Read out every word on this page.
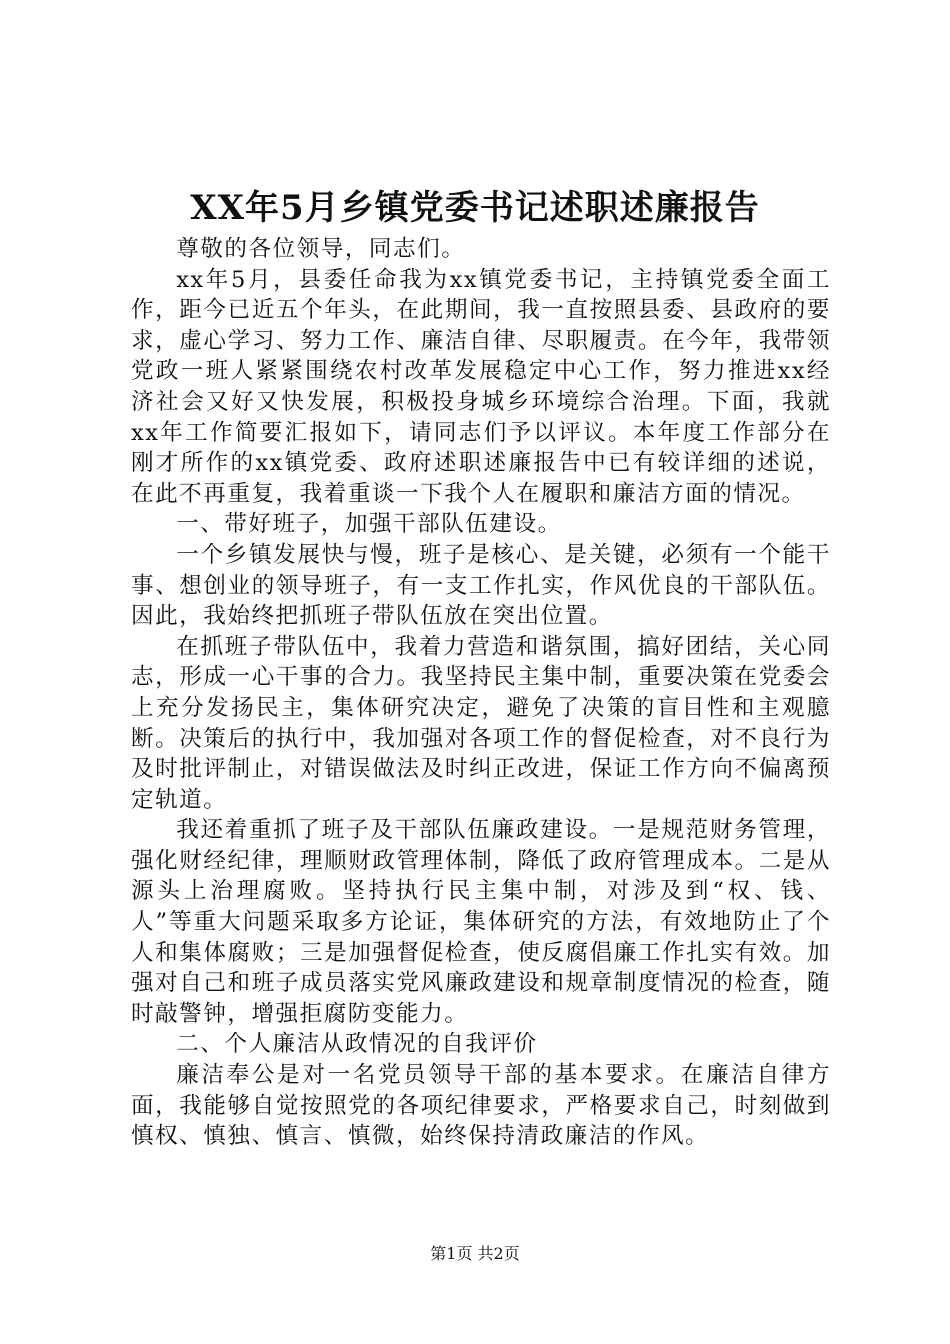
XX年5月乡镇党委书记述职述廉报告

尊敬的各位领导，同志们。

xx年5月，县委任命我为xx镇党委书记，主持镇党委全面工作，距今已近五个年头，在此期间，我一直按照县委、县政府的要求，虚心学习、努力工作、廉洁自律、尽职履责。在今年，我带领党政一班人紧紧围绕农村改革发展稳定中心工作，努力推进xx经济社会又好又快发展，积极投身城乡环境综合治理。下面，我就xx年工作简要汇报如下，请同志们予以评议。本年度工作部分在刚才所作的xx镇党委、政府述职述廉报告中已有较详细的述说，在此不再重复，我着重谈一下我个人在履职和廉洁方面的情况。

一、带好班子，加强干部队伍建设。

一个乡镇发展快与慢，班子是核心、是关键，必须有一个能干事、想创业的领导班子，有一支工作扎实，作风优良的干部队伍。因此，我始终把抓班子带队伍放在突出位置。

在抓班子带队伍中，我着力营造和谐氛围，搞好团结，关心同志，形成一心干事的合力。我坚持民主集中制，重要决策在党委会上充分发扬民主，集体研究决定，避免了决策的盲目性和主观臆断。决策后的执行中，我加强对各项工作的督促检查，对不良行为及时批评制止，对错误做法及时纠正改进，保证工作方向不偏离预定轨道。

我还着重抓了班子及干部队伍廉政建设。一是规范财务管理，强化财经纪律，理顺财政管理体制，降低了政府管理成本。二是从源头上治理腐败。坚持执行民主集中制，对涉及到“权、钱、人”等重大问题采取多方论证，集体研究的方法，有效地防止了个人和集体腐败；三是加强督促检查，使反腐倡廉工作扎实有效。加强对自己和班子成员落实党风廉政建设和规章制度情况的检查，随时敲警钟，增强拒腐防变能力。

二、个人廉洁从政情况的自我评价

廉洁奉公是对一名党员领导干部的基本要求。在廉洁自律方面，我能够自觉按照党的各项纪律要求，严格要求自己，时刻做到慎权、慎独、慎言、慎微，始终保持清政廉洁的作风。

第1页 共2页
